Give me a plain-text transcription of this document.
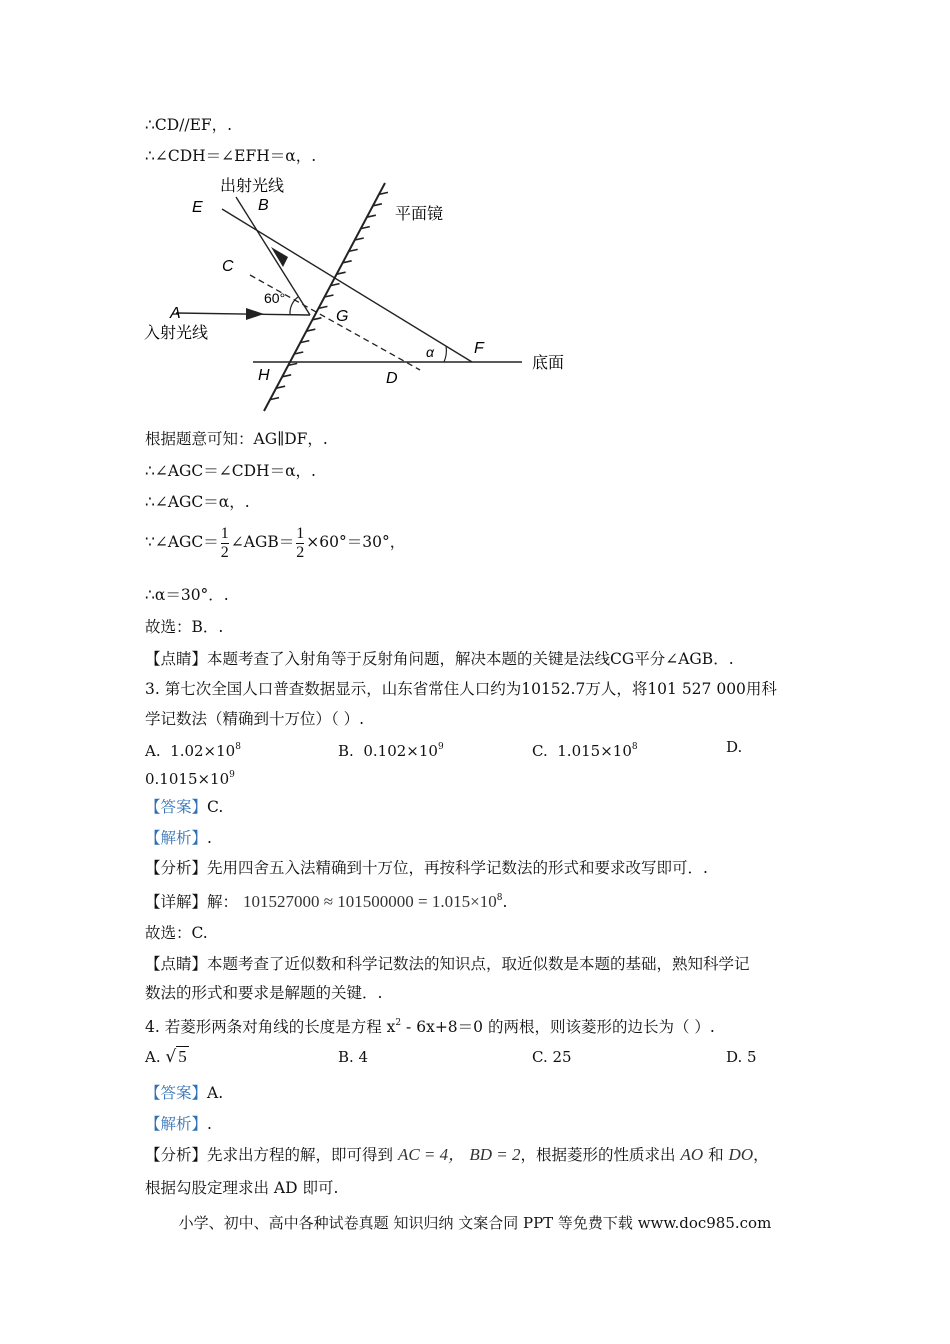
∴CD//EF，.
∴∠CDH＝∠EFH＝α，.
E	B
出射光线
平面镜
C
60°
A
入射光线
G
F
α
底面
H	D
根据题意可知：AG∥DF，.
∴∠AGC＝∠CDH＝α，.
∴∠AGC＝α，.
∵∠AGC＝ $\frac{1}{2}$ ∠AGB＝ $\frac{1}{2} \times 60^\circ=30^\circ$，
∴α＝30°．.
故选：B．.
【点睛】本题考查了入射角等于反射角问题，解决本题的关键是法线CG平分∠AGB．.
3. 第七次全国人口普查数据显示，山东省常住人口约为10152.7万人，将101 527 000用科
学记数法（精确到十万位）（ ）.
A. $1.02\times 10^8$	B. $0.102\times 10^9$	C. $1.015\times 10^8$	D.
$0.1015\times 10^9$
【答案】C.
【解析】.
【分析】先用四舍五入法精确到十万位，再按科学记数法的形式和要求改写即可．.
【详解】解： $101527000 \approx 101500000 = 1.015\times 10^8$.
故选：C.
【点睛】本题考查了近似数和科学记数法的知识点，取近似数是本题的基础，熟知科学记
数法的形式和要求是解题的关键．.
4. 若菱形两条对角线的长度是方程 $x^2 - 6x+8=0$ 的两根，则该菱形的边长为（ ）.
A. √ 5	B. 4	C. 25	D. 5
【答案】A.
【解析】.
【分析】先求出方程的解，即可得到 AC = 4， BD = 2，根据菱形的性质求出 AO 和 DO，
根据勾股定理求出 AD 即可.
小学、初中、高中各种试卷真题 知识归纳 文案合同 PPT 等免费下载 www.doc985.com
